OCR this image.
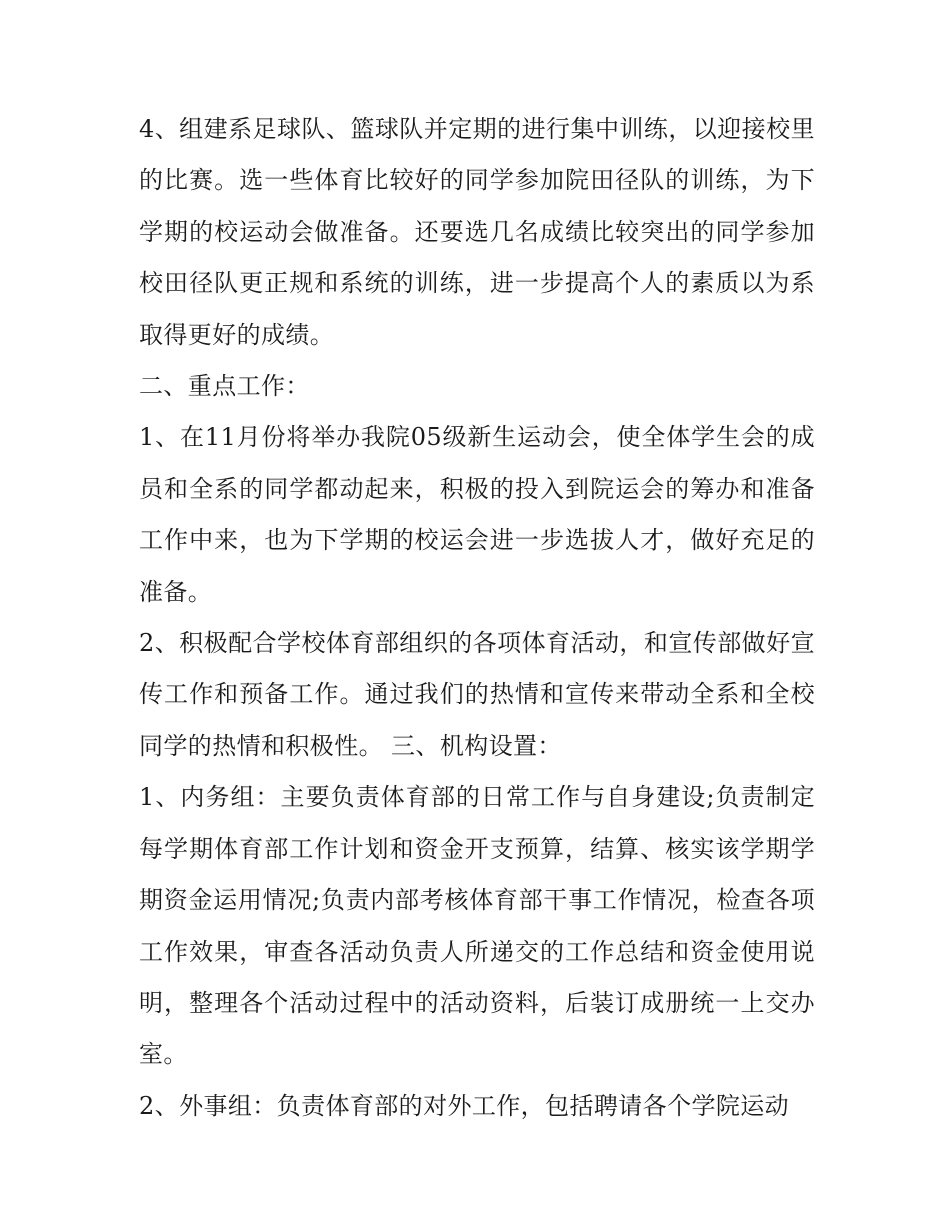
4、组建系足球队、篮球队并定期的进行集中训练，以迎接校里的比赛。选一些体育比较好的同学参加院田径队的训练，为下学期的校运动会做准备。还要选几名成绩比较突出的同学参加校田径队更正规和系统的训练，进一步提高个人的素质以为系取得更好的成绩。

二、重点工作：

1、在11月份将举办我院05级新生运动会，使全体学生会的成员和全系的同学都动起来，积极的投入到院运会的筹办和准备工作中来，也为下学期的校运会进一步选拔人才，做好充足的准备。

2、积极配合学校体育部组织的各项体育活动，和宣传部做好宣传工作和预备工作。通过我们的热情和宣传来带动全系和全校同学的热情和积极性。 三、机构设置：

1、内务组：主要负责体育部的日常工作与自身建设;负责制定每学期体育部工作计划和资金开支预算，结算、核实该学期学期资金运用情况;负责内部考核体育部干事工作情况，检查各项工作效果，审查各活动负责人所递交的工作总结和资金使用说明，整理各个活动过程中的活动资料，后装订成册统一上交办室。

2、外事组：负责体育部的对外工作，包括聘请各个学院运动
